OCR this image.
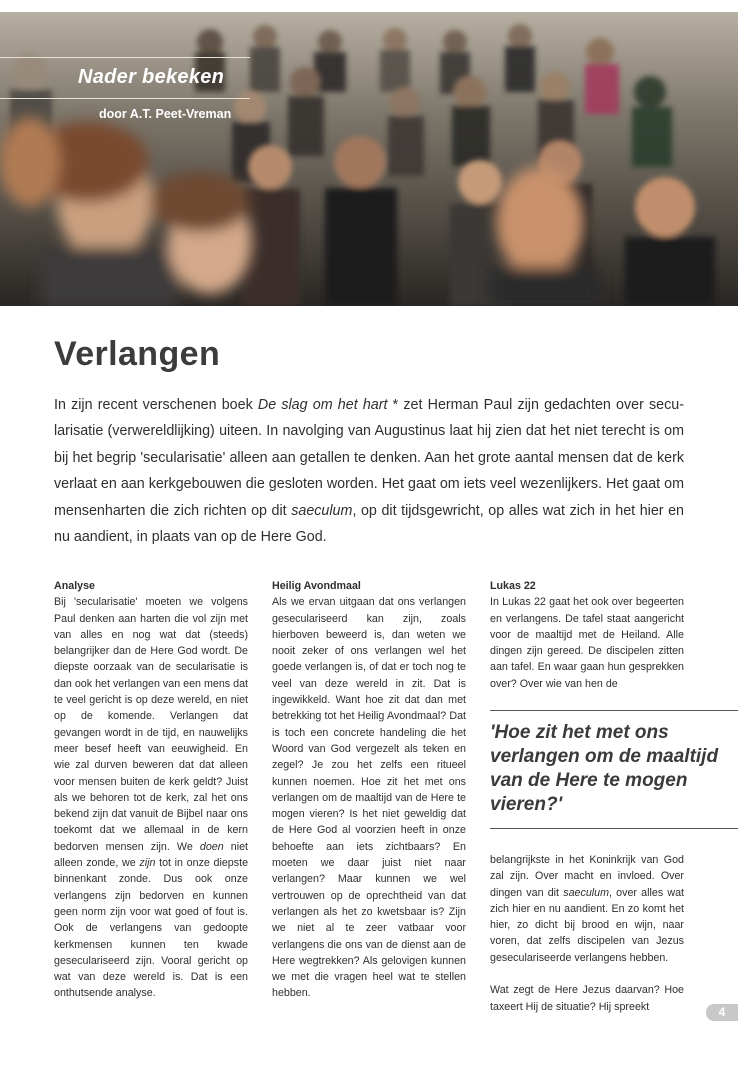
Nader bekeken
door A.T. Peet-Vreman
Verlangen

In zijn recent verschenen boek De slag om het hart * zet Herman Paul zijn gedachten over secu-larisatie (verwereldlijking) uiteen. In navolging van Augustinus laat hij zien dat het niet terecht is om bij het begrip 'secularisatie' alleen aan getallen te denken. Aan het grote aantal mensen dat de kerk verlaat en aan kerkgebouwen die gesloten worden. Het gaat om iets veel wezenlijkers. Het gaat om mensenharten die zich richten op dit saeculum, op dit tijdsgewricht, op alles wat zich in het hier en nu aandient, in plaats van op de Here God.

Analyse

Bij 'secularisatie' moeten we volgens Paul denken aan harten die vol zijn met van alles en nog wat dat (steeds) belangrijker dan de Here God wordt. De diepste oorzaak van de secularisatie is dan ook het verlangen van een mens dat te veel gericht is op deze wereld, en niet op de komende. Verlangen dat gevangen wordt in de tijd, en nauwelijks meer besef heeft van eeuwigheid. En wie zal durven beweren dat dat alleen voor mensen buiten de kerk geldt? Juist als we behoren tot de kerk, zal het ons bekend zijn dat vanuit de Bijbel naar ons toekomt dat we allemaal in de kern bedorven mensen zijn. We doen niet alleen zonde, we zijn tot in onze diepste binnenkant zonde. Dus ook onze verlangens zijn bedorven en kunnen geen norm zijn voor wat goed of fout is. Ook de verlangens van gedoopte kerkmensen kunnen ten kwade geseculariseerd zijn. Vooral gericht op wat van deze wereld is. Dat is een onthutsende analyse.

Heilig Avondmaal

Als we ervan uitgaan dat ons verlangen geseculariseerd kan zijn, zoals hierboven beweerd is, dan weten we nooit zeker of ons verlangen wel het goede verlangen is, of dat er toch nog te veel van deze wereld in zit. Dat is ingewikkeld. Want hoe zit dat dan met betrekking tot het Heilig Avondmaal? Dat is toch een concrete handeling die het Woord van God vergezelt als teken en zegel? Je zou het zelfs een ritueel kunnen noemen. Hoe zit het met ons verlangen om de maaltijd van de Here te mogen vieren? Is het niet geweldig dat de Here God al voorzien heeft in onze behoefte aan iets zichtbaars? En moeten we daar juist niet naar verlangen? Maar kunnen we wel vertrouwen op de oprechtheid van dat verlangen als het zo kwetsbaar is? Zijn we niet al te zeer vatbaar voor verlangens die ons van de dienst aan de Here wegtrekken? Als gelovigen kunnen we met die vragen heel wat te stellen hebben.

Lukas 22

In Lukas 22 gaat het ook over begeerten en verlangens. De tafel staat aangericht voor de maaltijd met de Heiland. Alle dingen zijn gereed. De discipelen zitten aan tafel. En waar gaan hun gesprekken over? Over wie van hen de

'Hoe zit het met ons verlangen om de maaltijd van de Here te mogen vieren?'

belangrijkste in het Koninkrijk van God zal zijn. Over macht en invloed. Over dingen van dit saeculum, over alles wat zich hier en nu aandient. En zo komt het hier, zo dicht bij brood en wijn, naar voren, dat zelfs discipelen van Jezus geseculariseerde verlangens hebben.

Wat zegt de Here Jezus daarvan? Hoe taxeert Hij de situatie? Hij spreekt	4
